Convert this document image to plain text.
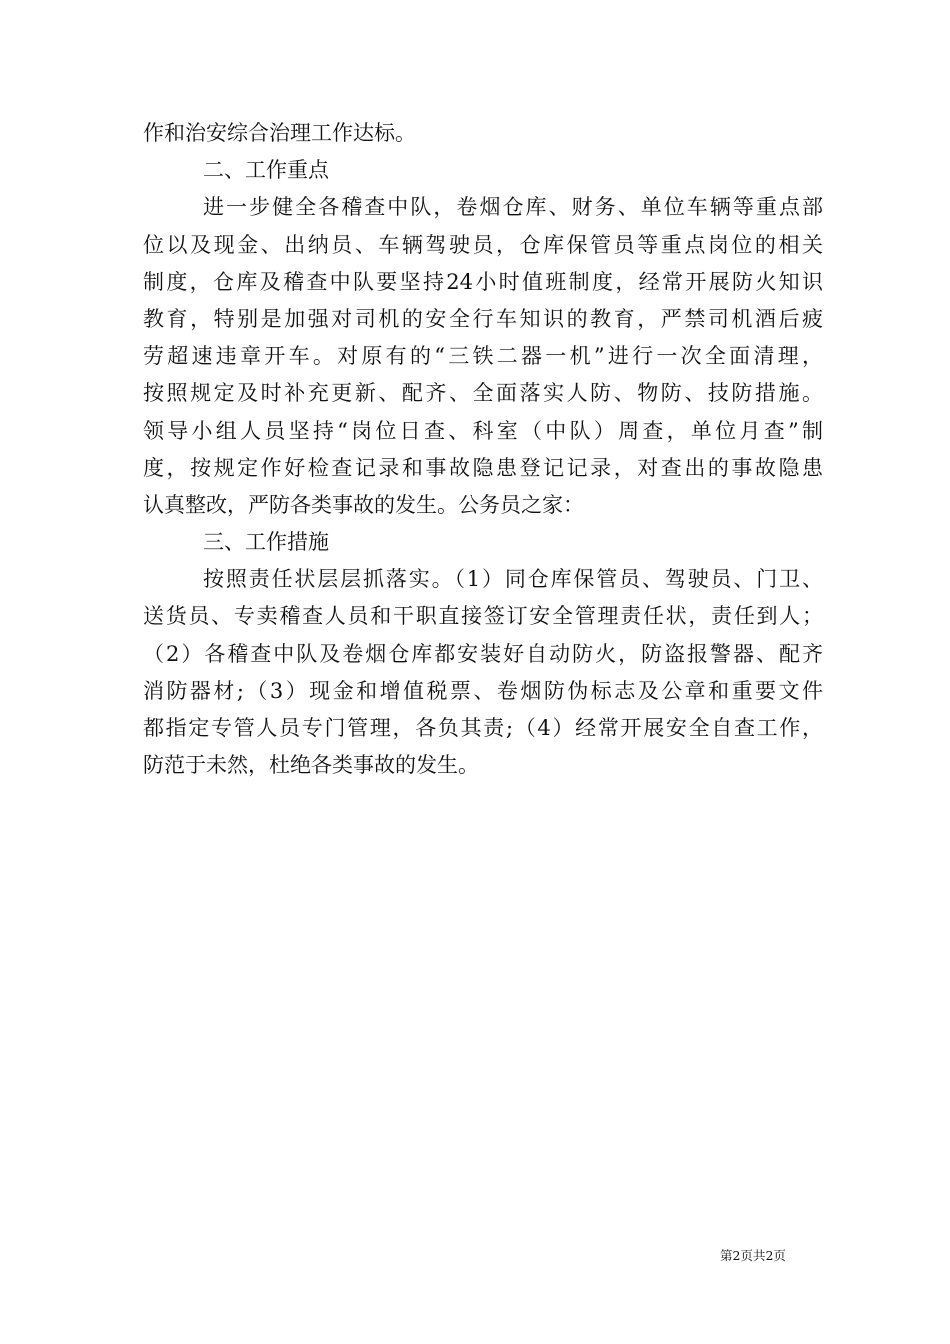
作和治安综合治理工作达标。
二、工作重点
进一步健全各稽查中队，卷烟仓库、财务、单位车辆等重点部
位以及现金、出纳员、车辆驾驶员，仓库保管员等重点岗位的相关
制度，仓库及稽查中队要坚持24小时值班制度，经常开展防火知识
教育，特别是加强对司机的安全行车知识的教育，严禁司机酒后疲
劳超速违章开车。对原有的“三铁二器一机”进行一次全面清理，
按照规定及时补充更新、配齐、全面落实人防、物防、技防措施。
领导小组人员坚持“岗位日查、科室（中队）周查，单位月查”制
度，按规定作好检查记录和事故隐患登记记录，对查出的事故隐患
认真整改，严防各类事故的发生。公务员之家：
三、工作措施
按照责任状层层抓落实。（1）同仓库保管员、驾驶员、门卫、
送货员、专卖稽查人员和干职直接签订安全管理责任状，责任到人；
（2）各稽查中队及卷烟仓库都安装好自动防火，防盗报警器、配齐
消防器材;（3）现金和增值税票、卷烟防伪标志及公章和重要文件
都指定专管人员专门管理，各负其责;（4）经常开展安全自查工作，
防范于未然，杜绝各类事故的发生。
第2页共2页
